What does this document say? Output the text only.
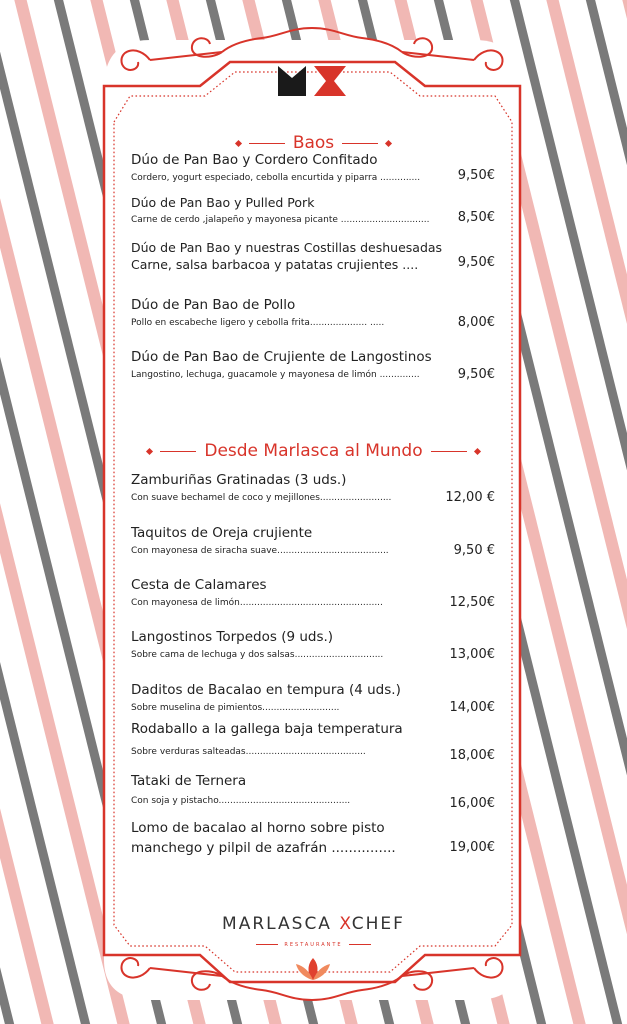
Baos
Dúo de Pan Bao y Cordero Confitado
Cordero, yogurt especiado, cebolla encurtida y piparra ..............	9,50€
Dúo de Pan Bao y Pulled Pork
Carne de cerdo ,jalapeño y mayonesa picante ...............................	8,50€
Dúo de Pan Bao y nuestras Costillas deshuesadas
Carne, salsa barbacoa y patatas crujientes ....	9,50€
Dúo de Pan Bao de Pollo
Pollo en escabeche ligero y cebolla frita.................... .....	8,00€
Dúo de Pan Bao de Crujiente de Langostinos
Langostino, lechuga, guacamole y mayonesa de limón ..............	9,50€
Desde Marlasca al Mundo
Zamburiñas Gratinadas (3 uds.)
Con suave bechamel de coco y mejillones.........................	12,00 €
Taquitos de Oreja crujiente
Con mayonesa de siracha suave.......................................	9,50 €
Cesta de Calamares
Con mayonesa de limón..................................................	12,50€
Langostinos Torpedos (9 uds.)
Sobre cama de lechuga y dos salsas...............................	13,00€
Daditos de Bacalao en tempura (4 uds.)
Sobre muselina de pimientos...........................	14,00€
Rodaballo a la gallega baja temperatura
Sobre verduras salteadas..........................................	18,00€
Tataki de Ternera
Con soja y pistacho..............................................	16,00€
Lomo de bacalao al horno sobre pisto
manchego y pilpil de azafrán ...............	19,00€
MARLASCA XCHEF
RESTAURANTE
